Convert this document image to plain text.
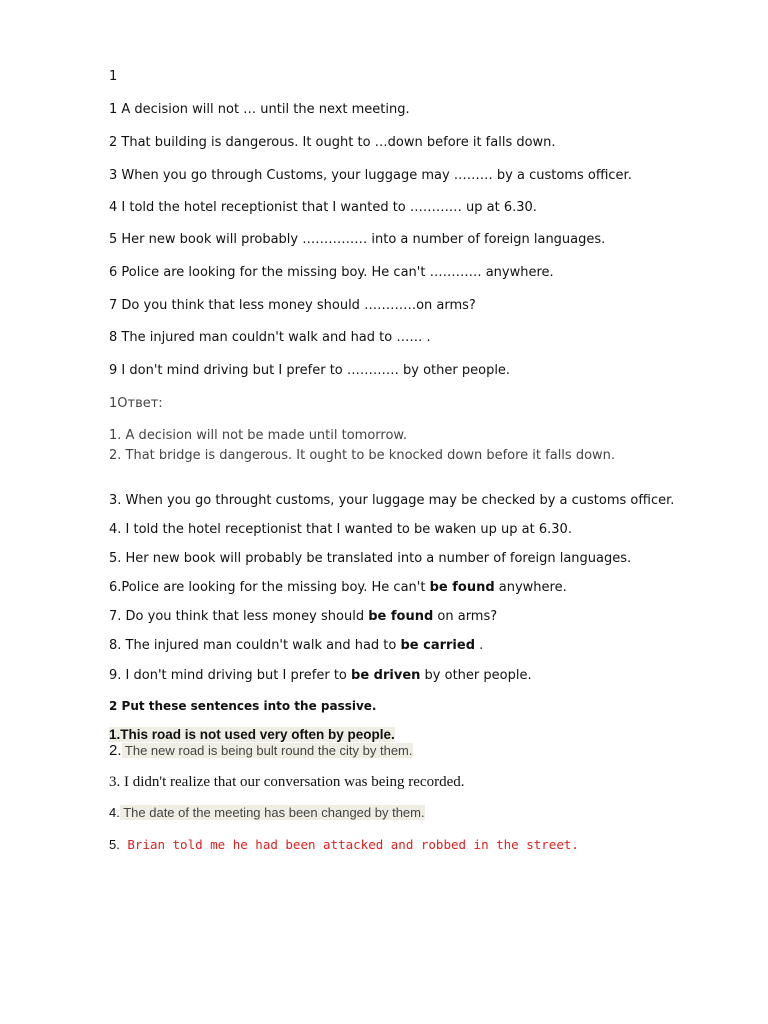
1
1 A decision will not … until the next meeting.
2 That building is dangerous. It ought to …down before it falls down.
3 When you go through Customs, your luggage may ……… by a customs officer.
4 I told the hotel receptionist that I wanted to ………… up at 6.30.
5 Her new book will probably …………… into a number of foreign languages.
6 Police are looking for the missing boy. He can't ………… anywhere.
7 Do you think that less money should …………on arms?
8 The injured man couldn't walk and had to …… .
9 I don't mind driving but I prefer to ………… by other people.
1Ответ:
1. A decision will not be made until tomorrow.
2. That bridge is dangerous. It ought to be knocked down before it falls down.
3. When you go throught customs, your luggage may be checked by a customs officer.
4. I told the hotel receptionist that I wanted to be waken up up at 6.30.
5. Her new book will probably be translated into a number of foreign languages.
6.Police are looking for the missing boy. He can't be found anywhere.
7. Do you think that less money should be found on arms?
8. The injured man couldn't walk and had to be carried .
9. I don't mind driving but I prefer to be driven by other people.
2 Put these sentences into the passive.
1.This road is not used very often by people.
2. The new road is being bult round the city by them.
3. I didn't realize that our conversation was being recorded.
4. The date of the meeting has been changed by them.
5. Brian told me he had been attacked and robbed in the street.
